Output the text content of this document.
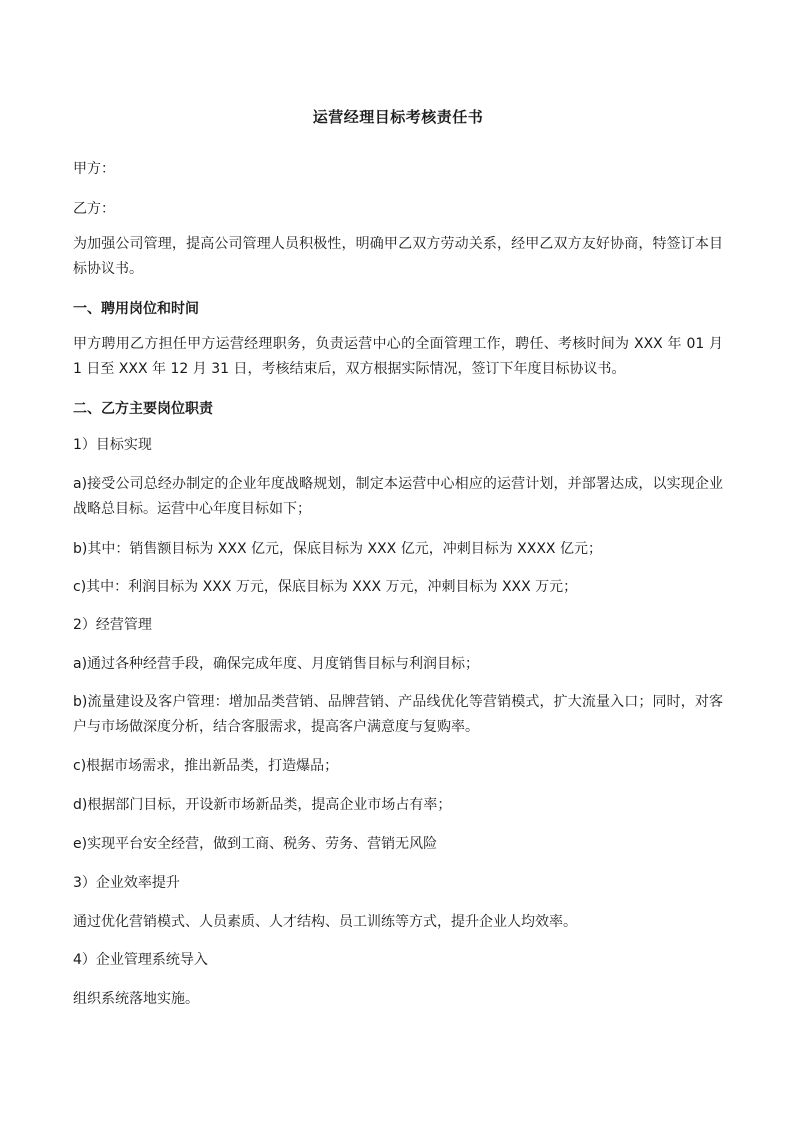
运营经理目标考核责任书
甲方：
乙方：
为加强公司管理，提高公司管理人员积极性，明确甲乙双方劳动关系，经甲乙双方友好协商，特签订本目标协议书。
一、聘用岗位和时间
甲方聘用乙方担任甲方运营经理职务，负责运营中心的全面管理工作，聘任、考核时间为 XXX 年 01 月 1 日至 XXX 年 12 月 31 日，考核结束后，双方根据实际情况，签订下年度目标协议书。
二、乙方主要岗位职责
1）目标实现
a)接受公司总经办制定的企业年度战略规划，制定本运营中心相应的运营计划，并部署达成，以实现企业战略总目标。运营中心年度目标如下；
b)其中：销售额目标为 XXX 亿元，保底目标为 XXX 亿元，冲刺目标为 XXXX 亿元；
c)其中：利润目标为 XXX 万元，保底目标为 XXX 万元，冲刺目标为 XXX 万元；
2）经营管理
a)通过各种经营手段，确保完成年度、月度销售目标与利润目标；
b)流量建设及客户管理：增加品类营销、品牌营销、产品线优化等营销模式，扩大流量入口；同时，对客户与市场做深度分析，结合客服需求，提高客户满意度与复购率。
c)根据市场需求，推出新品类，打造爆品；
d)根据部门目标，开设新市场新品类，提高企业市场占有率；
e)实现平台安全经营，做到工商、税务、劳务、营销无风险
3）企业效率提升
通过优化营销模式、人员素质、人才结构、员工训练等方式，提升企业人均效率。
4）企业管理系统导入
组织系统落地实施。
